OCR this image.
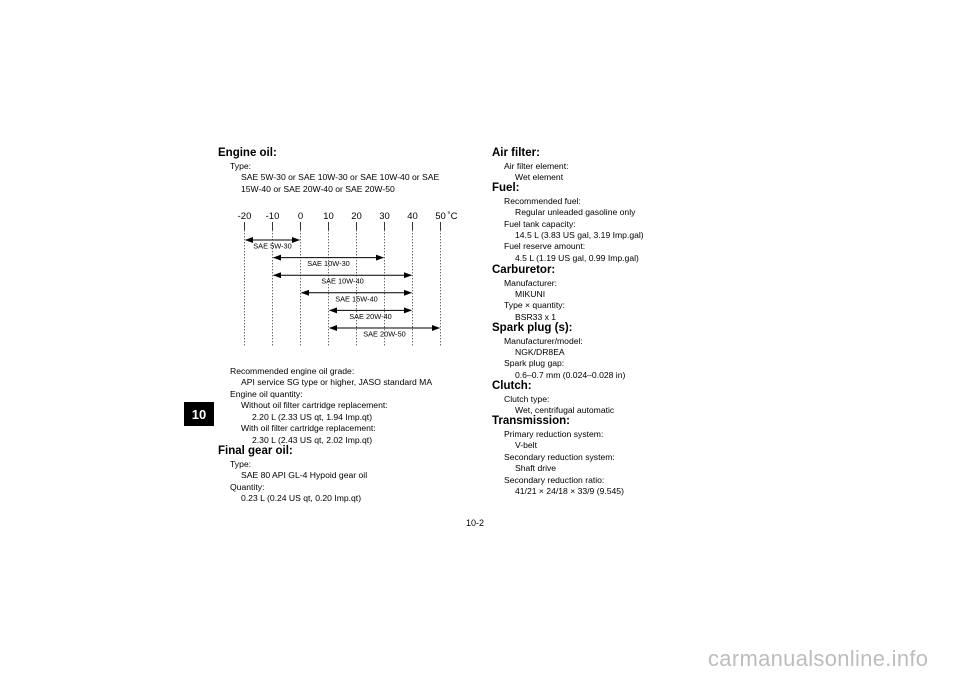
10
Engine oil:
Type:
SAE 5W-30 or SAE 10W-30 or SAE 10W-40 or SAE
15W-40 or SAE 20W-40 or SAE 20W-50
-20 -10 0 10 20 30 40 50 ˚C
SAE 5W-30
SAE 10W-30
SAE 10W-40
SAE 15W-40
SAE 20W-40
SAE 20W-50
Recommended engine oil grade:
API service SG type or higher, JASO standard MA
Engine oil quantity:
Without oil filter cartridge replacement:
2.20 L (2.33 US qt, 1.94 Imp.qt)
With oil filter cartridge replacement:
2.30 L (2.43 US qt, 2.02 Imp.qt)
Final gear oil:
Type:
SAE 80 API GL-4 Hypoid gear oil
Quantity:
0.23 L (0.24 US qt, 0.20 Imp.qt)
Air filter:
Air filter element:
Wet element
Fuel:
Recommended fuel:
Regular unleaded gasoline only
Fuel tank capacity:
14.5 L (3.83 US gal, 3.19 Imp.gal)
Fuel reserve amount:
4.5 L (1.19 US gal, 0.99 Imp.gal)
Carburetor:
Manufacturer:
MIKUNI
Type × quantity:
BSR33 x 1
Spark plug (s):
Manufacturer/model:
NGK/DR8EA
Spark plug gap:
0.6–0.7 mm (0.024–0.028 in)
Clutch:
Clutch type:
Wet, centrifugal automatic
Transmission:
Primary reduction system:
V-belt
Secondary reduction system:
Shaft drive
Secondary reduction ratio:
41/21 × 24/18 × 33/9 (9.545)
10-2
carmanualsonline.info
